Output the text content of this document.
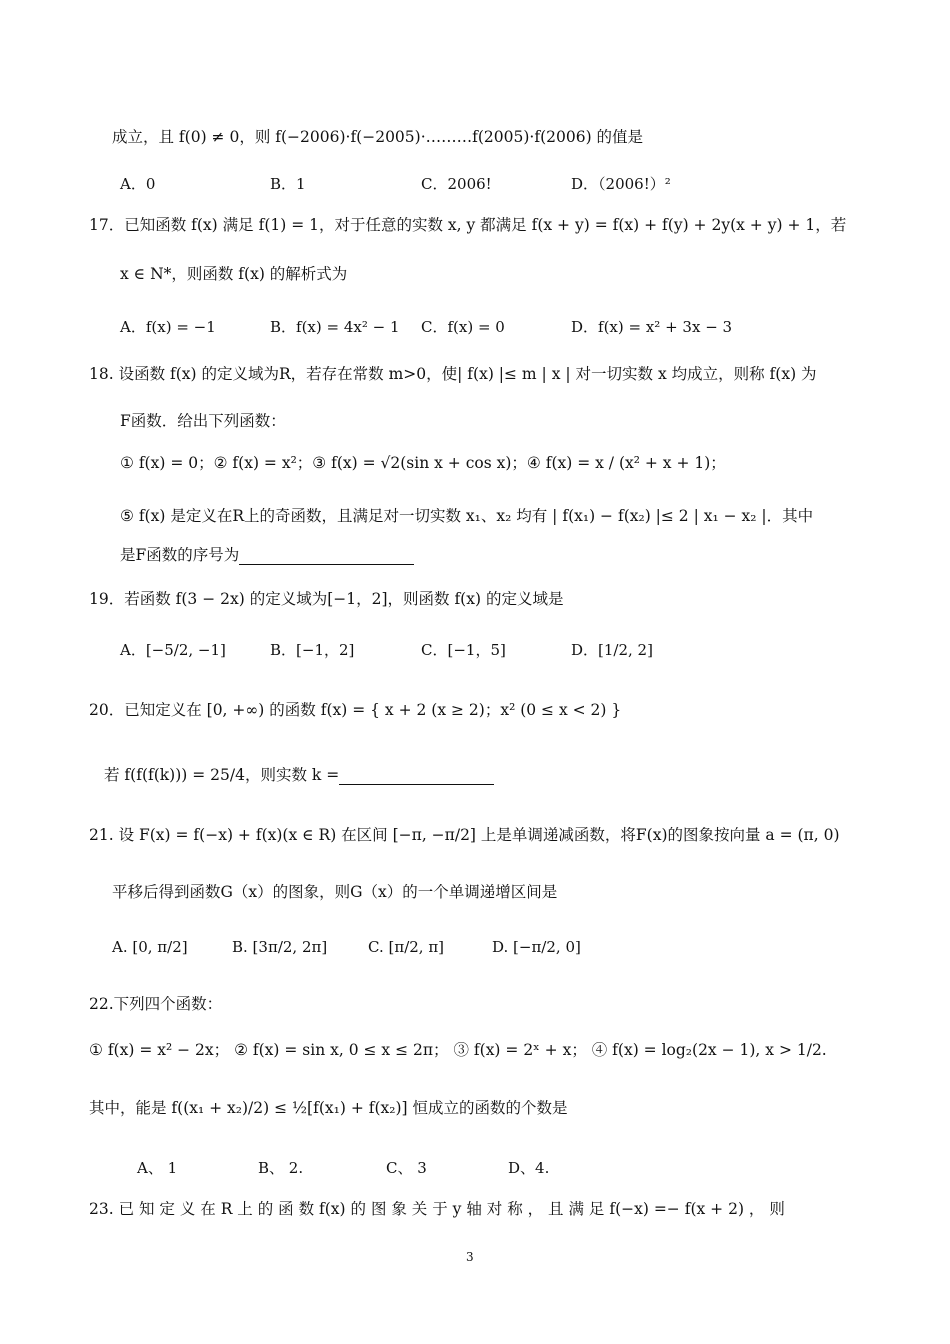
成立，且 f(0) ≠ 0，则 f(−2006)·f(−2005)·………f(2005)·f(2006) 的值是
A．0	B．1	C．2006!	D．（2006!）²
17．已知函数 f(x) 满足 f(1) = 1，对于任意的实数 x, y 都满足 f(x + y) = f(x) + f(y) + 2y(x + y) + 1，若
x ∈ N*，则函数 f(x) 的解析式为
A．f(x) = −1	B．f(x) = 4x² − 1 C．f(x) = 0	D．f(x) = x² + 3x − 3
18. 设函数 f(x) 的定义域为R，若存在常数 m>0，使| f(x) |≤ m | x | 对一切实数 x 均成立，则称 f(x) 为
F函数．给出下列函数：
① f(x) = 0；② f(x) = x²；③ f(x) = √2(sin x + cos x)；④ f(x) = x / (x² + x + 1)；
⑤ f(x) 是定义在R上的奇函数，且满足对一切实数 x₁、x₂ 均有 | f(x₁) − f(x₂) |≤ 2 | x₁ − x₂ |．其中
是F函数的序号为
19．若函数 f(3 − 2x) 的定义域为[−1，2]，则函数 f(x) 的定义域是
A．[−5/2, −1]	B．[−1，2]	C．[−1，5]	D．[1/2, 2]
20．已知定义在 [0, +∞) 的函数 f(x) = { x + 2 (x ≥ 2)；x² (0 ≤ x < 2) }
若 f(f(f(k))) = 25/4，则实数 k =
21. 设 F(x) = f(−x) + f(x)(x ∈ R) 在区间 [−π, −π/2] 上是单调递减函数，将F(x)的图象按向量 a = (π, 0)
平移后得到函数G（x）的图象，则G（x）的一个单调递增区间是
A. [0, π/2]	B. [3π/2, 2π]	C. [π/2, π]	D. [−π/2, 0]
22.下列四个函数：
① f(x) = x² − 2x； ② f(x) = sin x, 0 ≤ x ≤ 2π； ③ f(x) = 2ˣ + x； ④ f(x) = log₂(2x − 1), x > 1/2.
其中，能是 f((x₁ + x₂)/2) ≤ ½[f(x₁) + f(x₂)] 恒成立的函数的个数是
A、 1	B、 2.	C、 3	D、4.
23. 已 知 定 义 在 R 上 的 函 数 f(x) 的 图 象 关 于 y 轴 对 称 ， 且 满 足 f(−x) =− f(x + 2) ， 则
3
